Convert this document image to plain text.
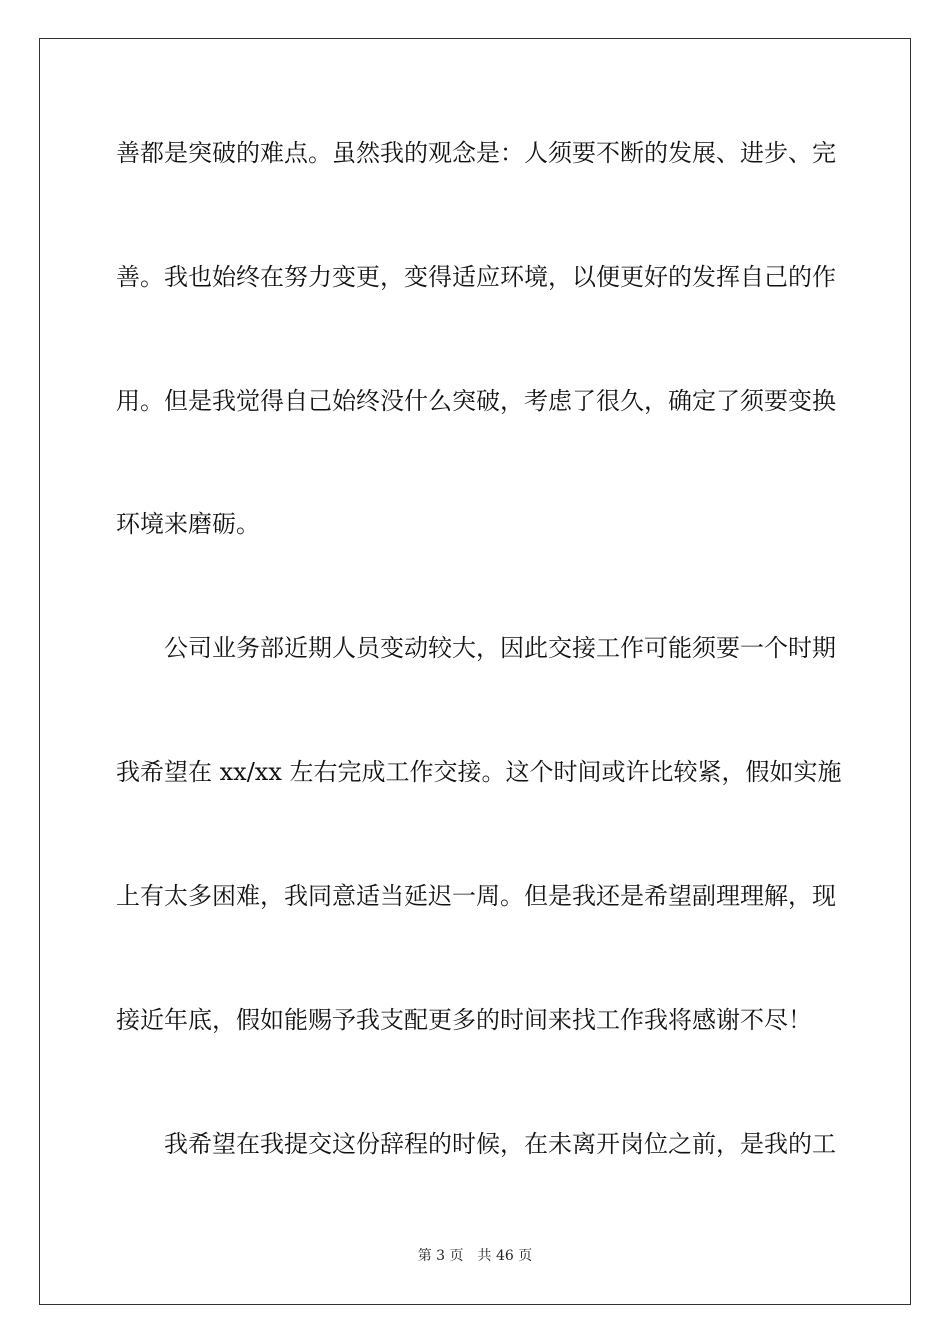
善都是突破的难点。虽然我的观念是：人须要不断的发展、进步、完
善。我也始终在努力变更，变得适应环境，以便更好的发挥自己的作
用。但是我觉得自己始终没什么突破，考虑了很久，确定了须要变换
环境来磨砺。
公司业务部近期人员变动较大，因此交接工作可能须要一个时期
我希望在 xx/xx 左右完成工作交接。这个时间或许比较紧，假如实施
上有太多困难，我同意适当延迟一周。但是我还是希望副理理解，现
接近年底，假如能赐予我支配更多的时间来找工作我将感谢不尽！
我希望在我提交这份辞程的时候，在未离开岗位之前，是我的工
第 3 页 共 46 页
